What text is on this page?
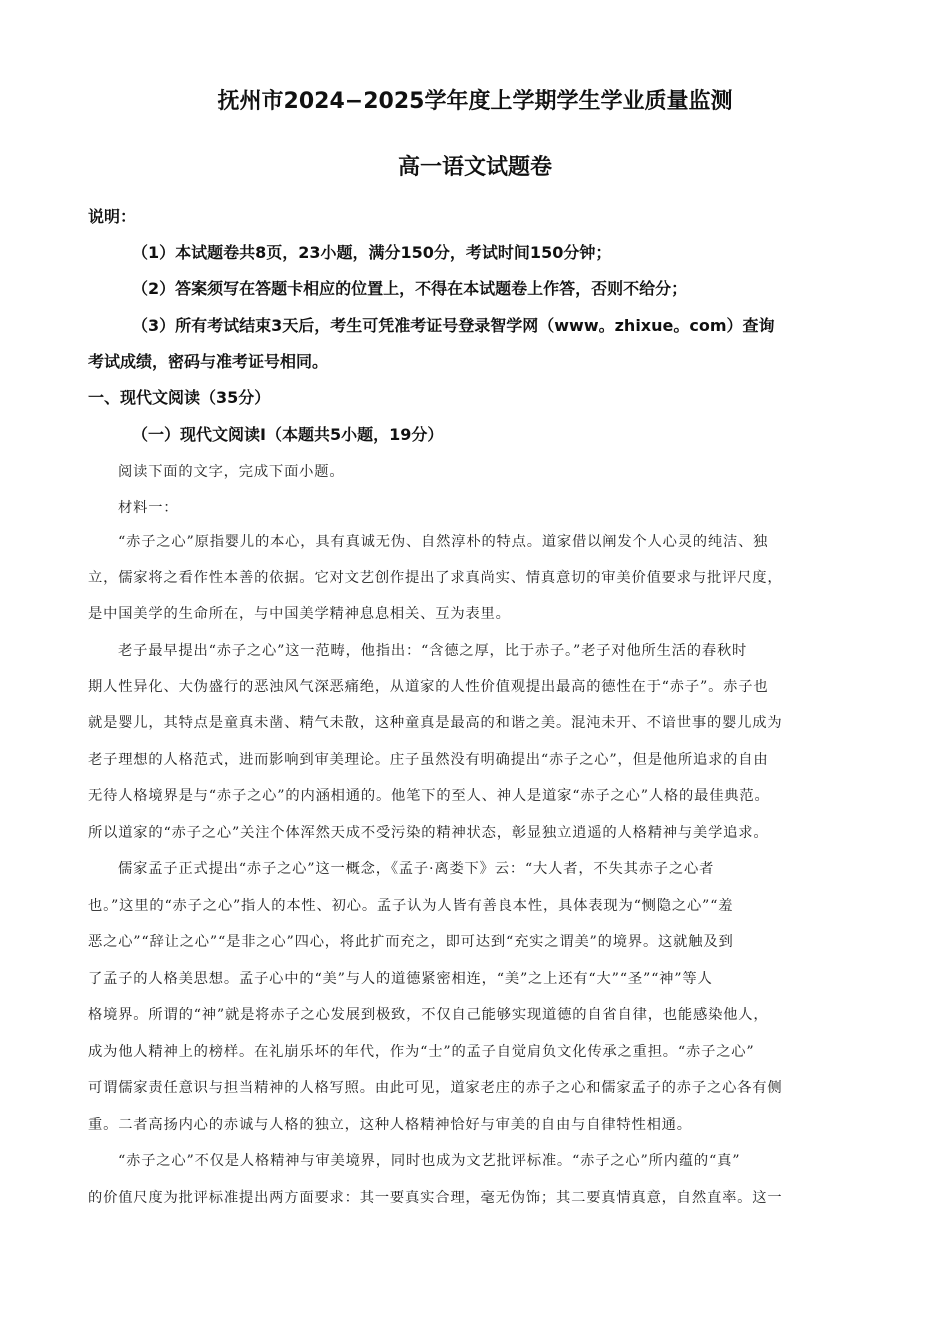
抚州市2024−2025学年度上学期学生学业质量监测
高一语文试题卷
说明：
（1）本试题卷共8页，23小题，满分150分，考试时间150分钟；
（2）答案须写在答题卡相应的位置上，不得在本试题卷上作答，否则不给分；
（3）所有考试结束3天后，考生可凭准考证号登录智学网（www。zhixue。com）查询
考试成绩，密码与准考证号相同。
一、现代文阅读（35分）
（一）现代文阅读Ⅰ（本题共5小题，19分）
阅读下面的文字，完成下面小题。
材料一：
“赤子之心”原指婴儿的本心，具有真诚无伪、自然淳朴的特点。道家借以阐发个人心灵的纯洁、独
立，儒家将之看作性本善的依据。它对文艺创作提出了求真尚实、情真意切的审美价值要求与批评尺度，
是中国美学的生命所在，与中国美学精神息息相关、互为表里。
老子最早提出“赤子之心”这一范畴，他指出：“含德之厚，比于赤子。”老子对他所生活的春秋时
期人性异化、大伪盛行的恶浊风气深恶痛绝，从道家的人性价值观提出最高的德性在于“赤子”。赤子也
就是婴儿，其特点是童真未凿、精气未散，这种童真是最高的和谐之美。混沌未开、不谙世事的婴儿成为
老子理想的人格范式，进而影响到审美理论。庄子虽然没有明确提出“赤子之心”，但是他所追求的自由
无待人格境界是与“赤子之心”的内涵相通的。他笔下的至人、神人是道家“赤子之心”人格的最佳典范。
所以道家的“赤子之心”关注个体浑然天成不受污染的精神状态，彰显独立逍遥的人格精神与美学追求。
儒家孟子正式提出“赤子之心”这一概念，《孟子·离娄下》云：“大人者，不失其赤子之心者
也。”这里的“赤子之心”指人的本性、初心。孟子认为人皆有善良本性，具体表现为“恻隐之心”“羞
恶之心”“辞让之心”“是非之心”四心，将此扩而充之，即可达到“充实之谓美”的境界。这就触及到
了孟子的人格美思想。孟子心中的“美”与人的道德紧密相连，“美”之上还有“大”“圣”“神”等人
格境界。所谓的“神”就是将赤子之心发展到极致，不仅自己能够实现道德的自省自律，也能感染他人，
成为他人精神上的榜样。在礼崩乐坏的年代，作为“士”的孟子自觉肩负文化传承之重担。“赤子之心”
可谓儒家责任意识与担当精神的人格写照。由此可见，道家老庄的赤子之心和儒家孟子的赤子之心各有侧
重。二者高扬内心的赤诚与人格的独立，这种人格精神恰好与审美的自由与自律特性相通。
“赤子之心”不仅是人格精神与审美境界，同时也成为文艺批评标准。“赤子之心”所内蕴的“真”
的价值尺度为批评标准提出两方面要求：其一要真实合理，毫无伪饰；其二要真情真意，自然直率。这一
